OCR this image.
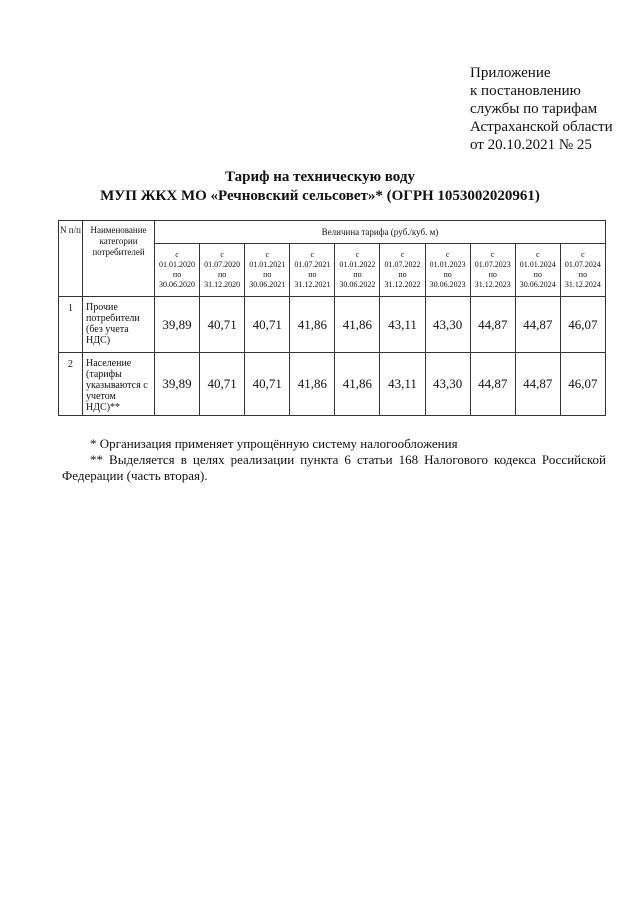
Приложение
к постановлению
службы по тарифам
Астраханской области
от 20.10.2021 № 25
Тариф на техническую воду
МУП ЖКХ МО «Речновский сельсовет»* (ОГРН 1053002020961)
N п/п	Наименование категории потребителей	Величина тарифа (руб./куб. м)									

		с
01.01.2020
по
30.06.2020	с
01.07.2020
по
31.12.2020	с
01.01.2021
по
30.06.2021	с
01.07.2021
по
31.12.2021	с
01.01.2022
по
30.06.2022	с
01.07.2022
по
31.12.2022	с
01.01.2023
по
30.06.2023	с
01.07.2023
по
31.12.2023	с
01.01.2024
по
30.06.2024	с
01.07.2024
по
31.12.2024

1	Прочие потребители (без учета НДС)	39,89	40,71	40,71	41,86	41,86	43,11	43,30	44,87	44,87	46,07
2	Население (тарифы указываются с учетом НДС)**	39,89	40,71	40,71	41,86	41,86	43,11	43,30	44,87	44,87	46,07
* Организация применяет упрощённую систему налогообложения
** Выделяется в целях реализации пункта 6 статьи 168 Налогового кодекса Российской Федерации (часть вторая).
